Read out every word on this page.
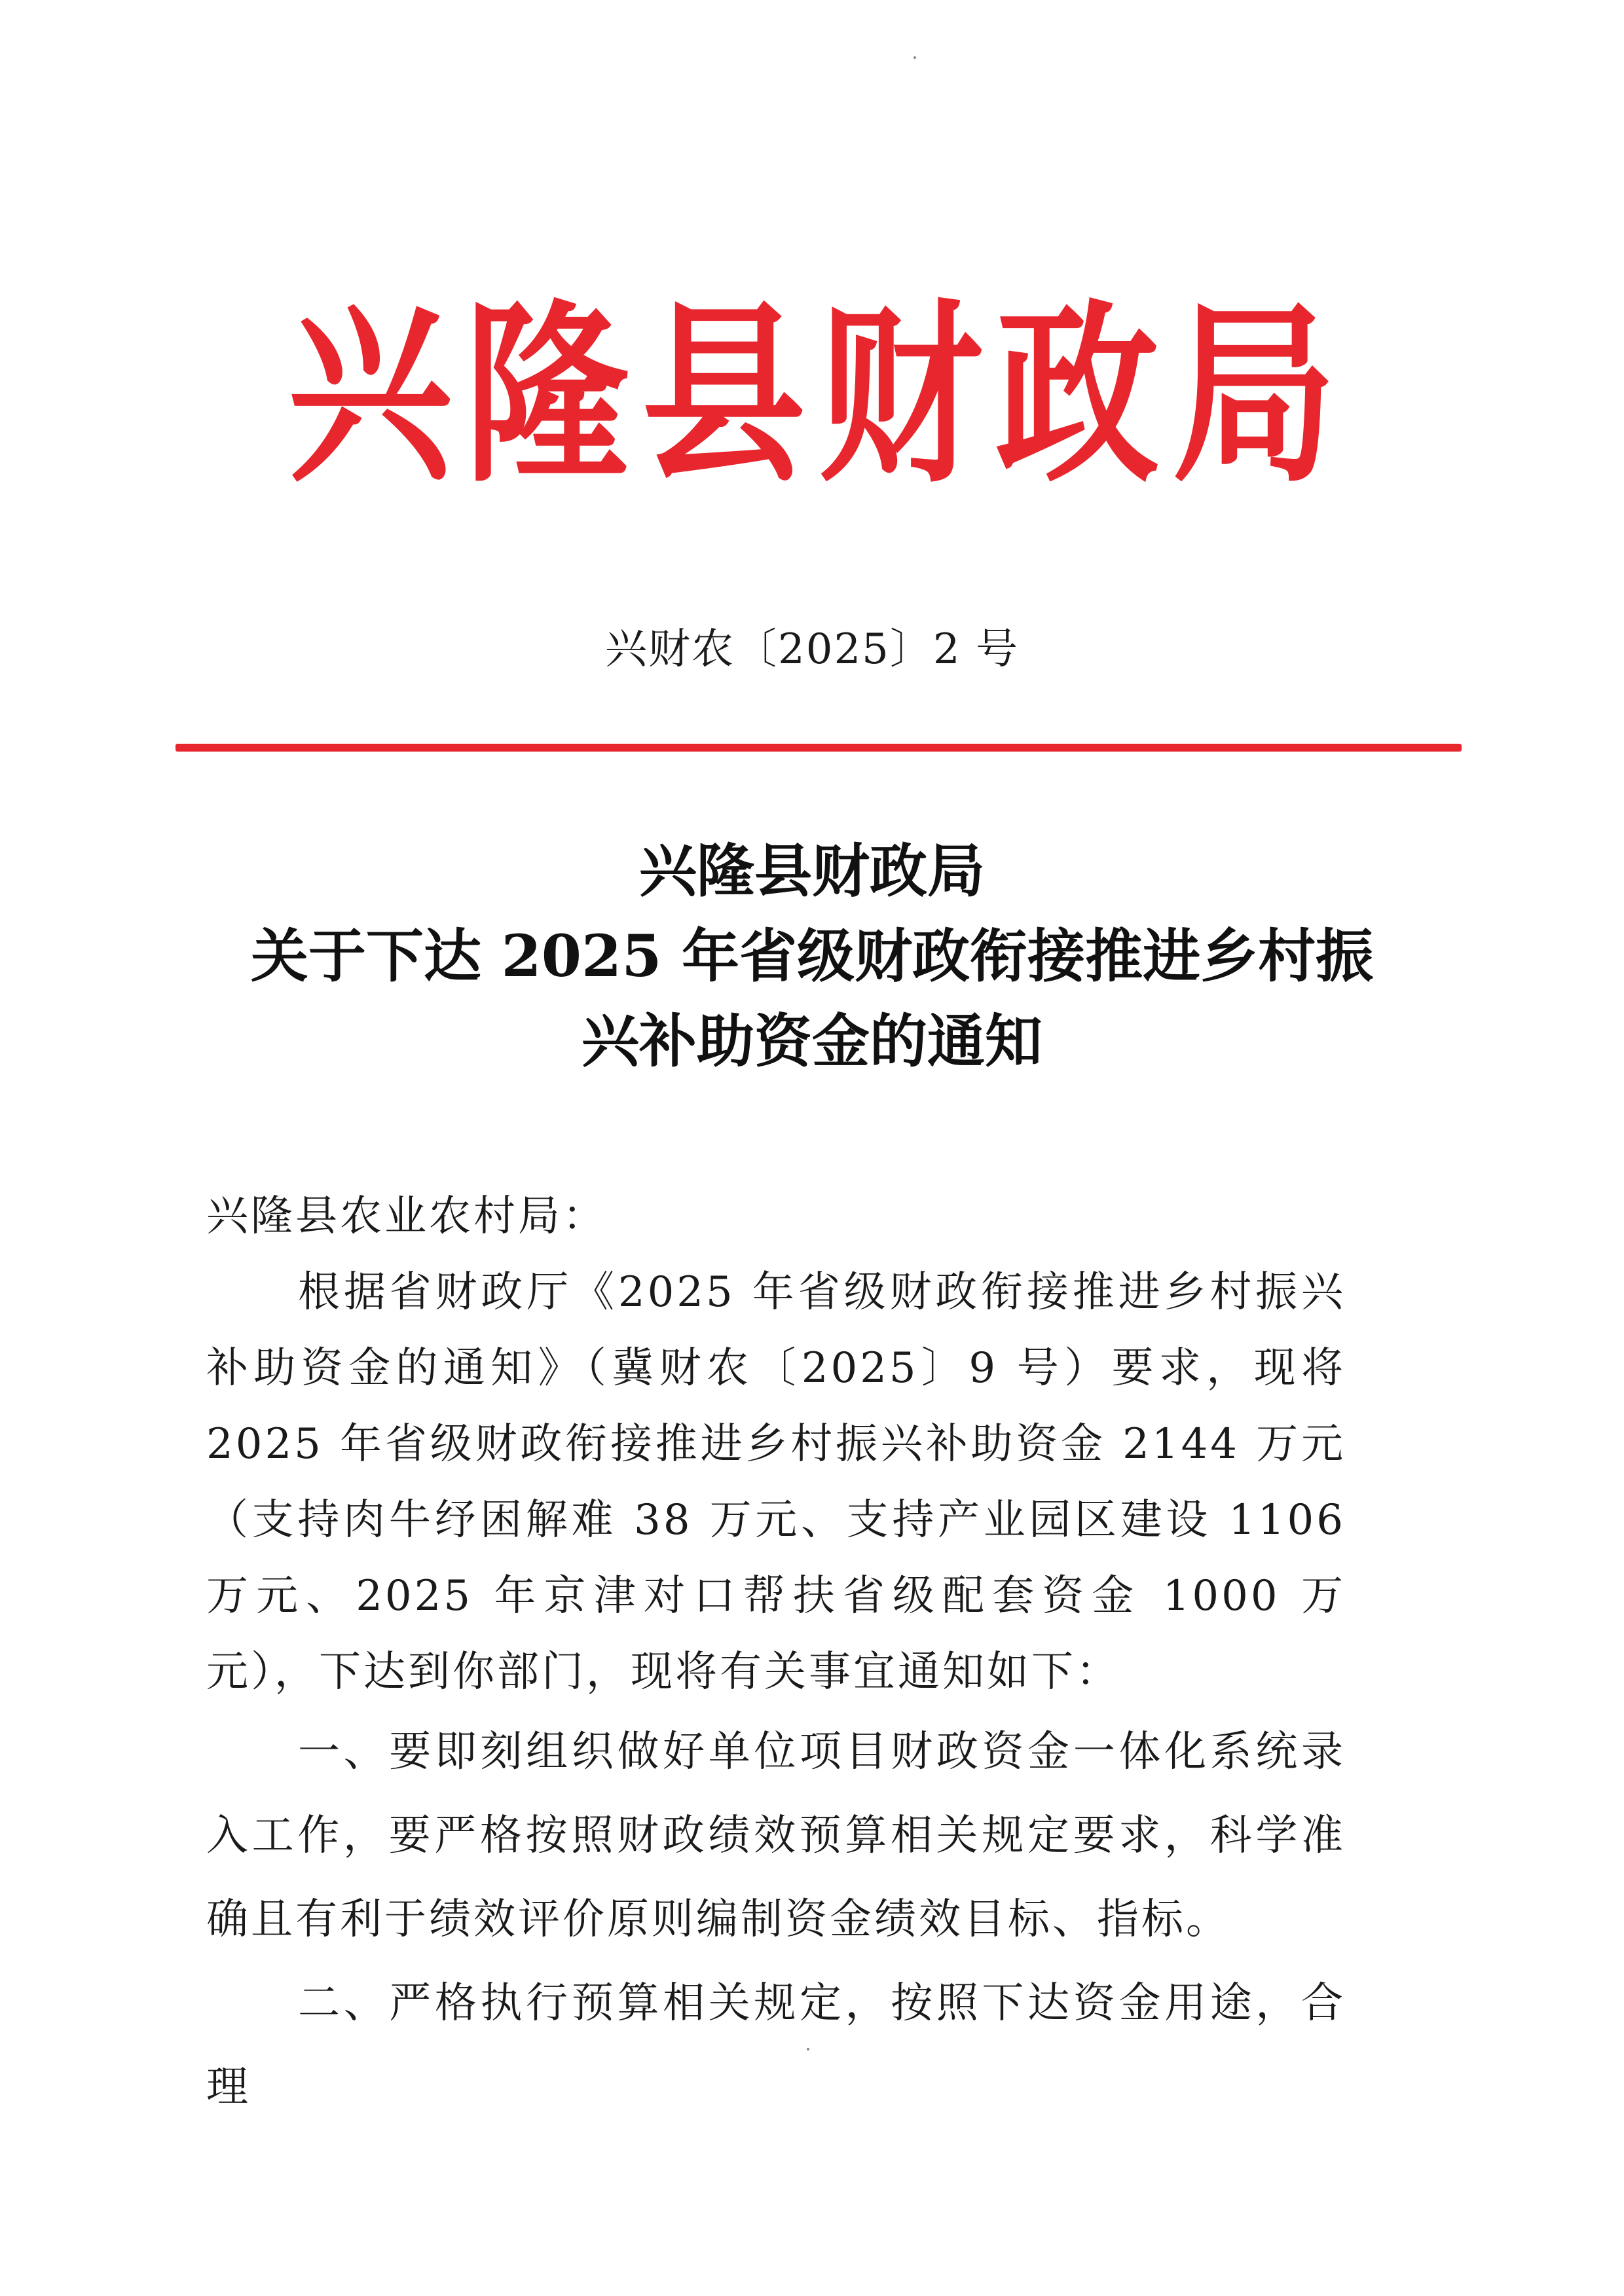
兴 隆 县 财 政 局
兴财农〔2025〕2 号
兴隆县财政局
关于下达 2025 年省级财政衔接推进乡村振
兴补助资金的通知

兴隆县农业农村局：

根据省财政厅《2025 年省级财政衔接推进乡村振兴补助资金的通知》（冀财农〔2025〕9 号）要求，现将 2025 年省级财政衔接推进乡村振兴补助资金 2144 万元（支持肉牛纾困解难 38 万元、支持产业园区建设 1106 万元、2025 年京津对口帮扶省级配套资金 1000 万元），下达到你部门，现将有关事宜通知如下：

一、要即刻组织做好单位项目财政资金一体化系统录入工作，要严格按照财政绩效预算相关规定要求，科学准确且有利于绩效评价原则编制资金绩效目标、指标。

二、严格执行预算相关规定，按照下达资金用途，合理
